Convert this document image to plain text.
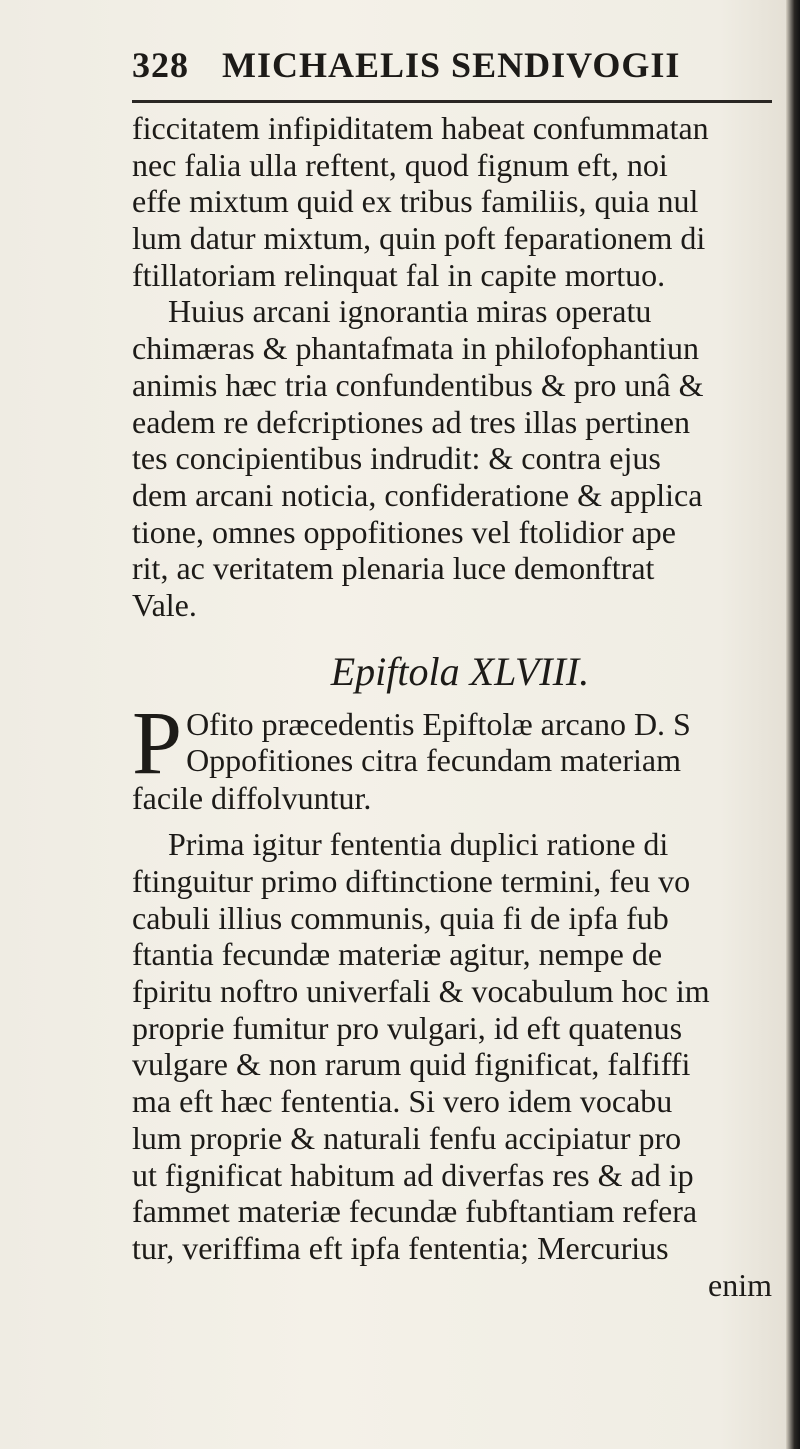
328 MICHAELIS SENDIVOGII
ficcitatem infipiditatem habeat confummatan
nec falia ulla reftent, quod fignum eft, noi
effe mixtum quid ex tribus familiis, quia nul
lum datur mixtum, quin poft feparationem di
ftillatoriam relinquat fal in capite mortuo.
Huius arcani ignorantia miras operatu
chimæras & phantafmata in philofophantiun
animis hæc tria confundentibus & pro unâ &
eadem re defcriptiones ad tres illas pertinen
tes concipientibus indrudit: & contra ejus
dem arcani noticia, confideratione & applica
tione, omnes oppofitiones vel ftolidior ape
rit, ac veritatem plenaria luce demonftrat
Vale.
Epiftola XLVIII.
P Ofito præcedentis Epiftolæ arcano D. S
Oppofitiones citra fecundam materiam
facile diffolvuntur.
Prima igitur fententia duplici ratione di
ftinguitur primo diftinctione termini, feu vo
cabuli illius communis, quia fi de ipfa fub
ftantia fecundæ materiæ agitur, nempe de
fpiritu noftro univerfali & vocabulum hoc im
proprie fumitur pro vulgari, id eft quatenus
vulgare & non rarum quid fignificat, falfiffi
ma eft hæc fententia. Si vero idem vocabu
lum proprie & naturali fenfu accipiatur pro
ut fignificat habitum ad diverfas res & ad ip
fammet materiæ fecundæ fubftantiam refera
tur, veriffima eft ipfa fententia; Mercurius
enim
